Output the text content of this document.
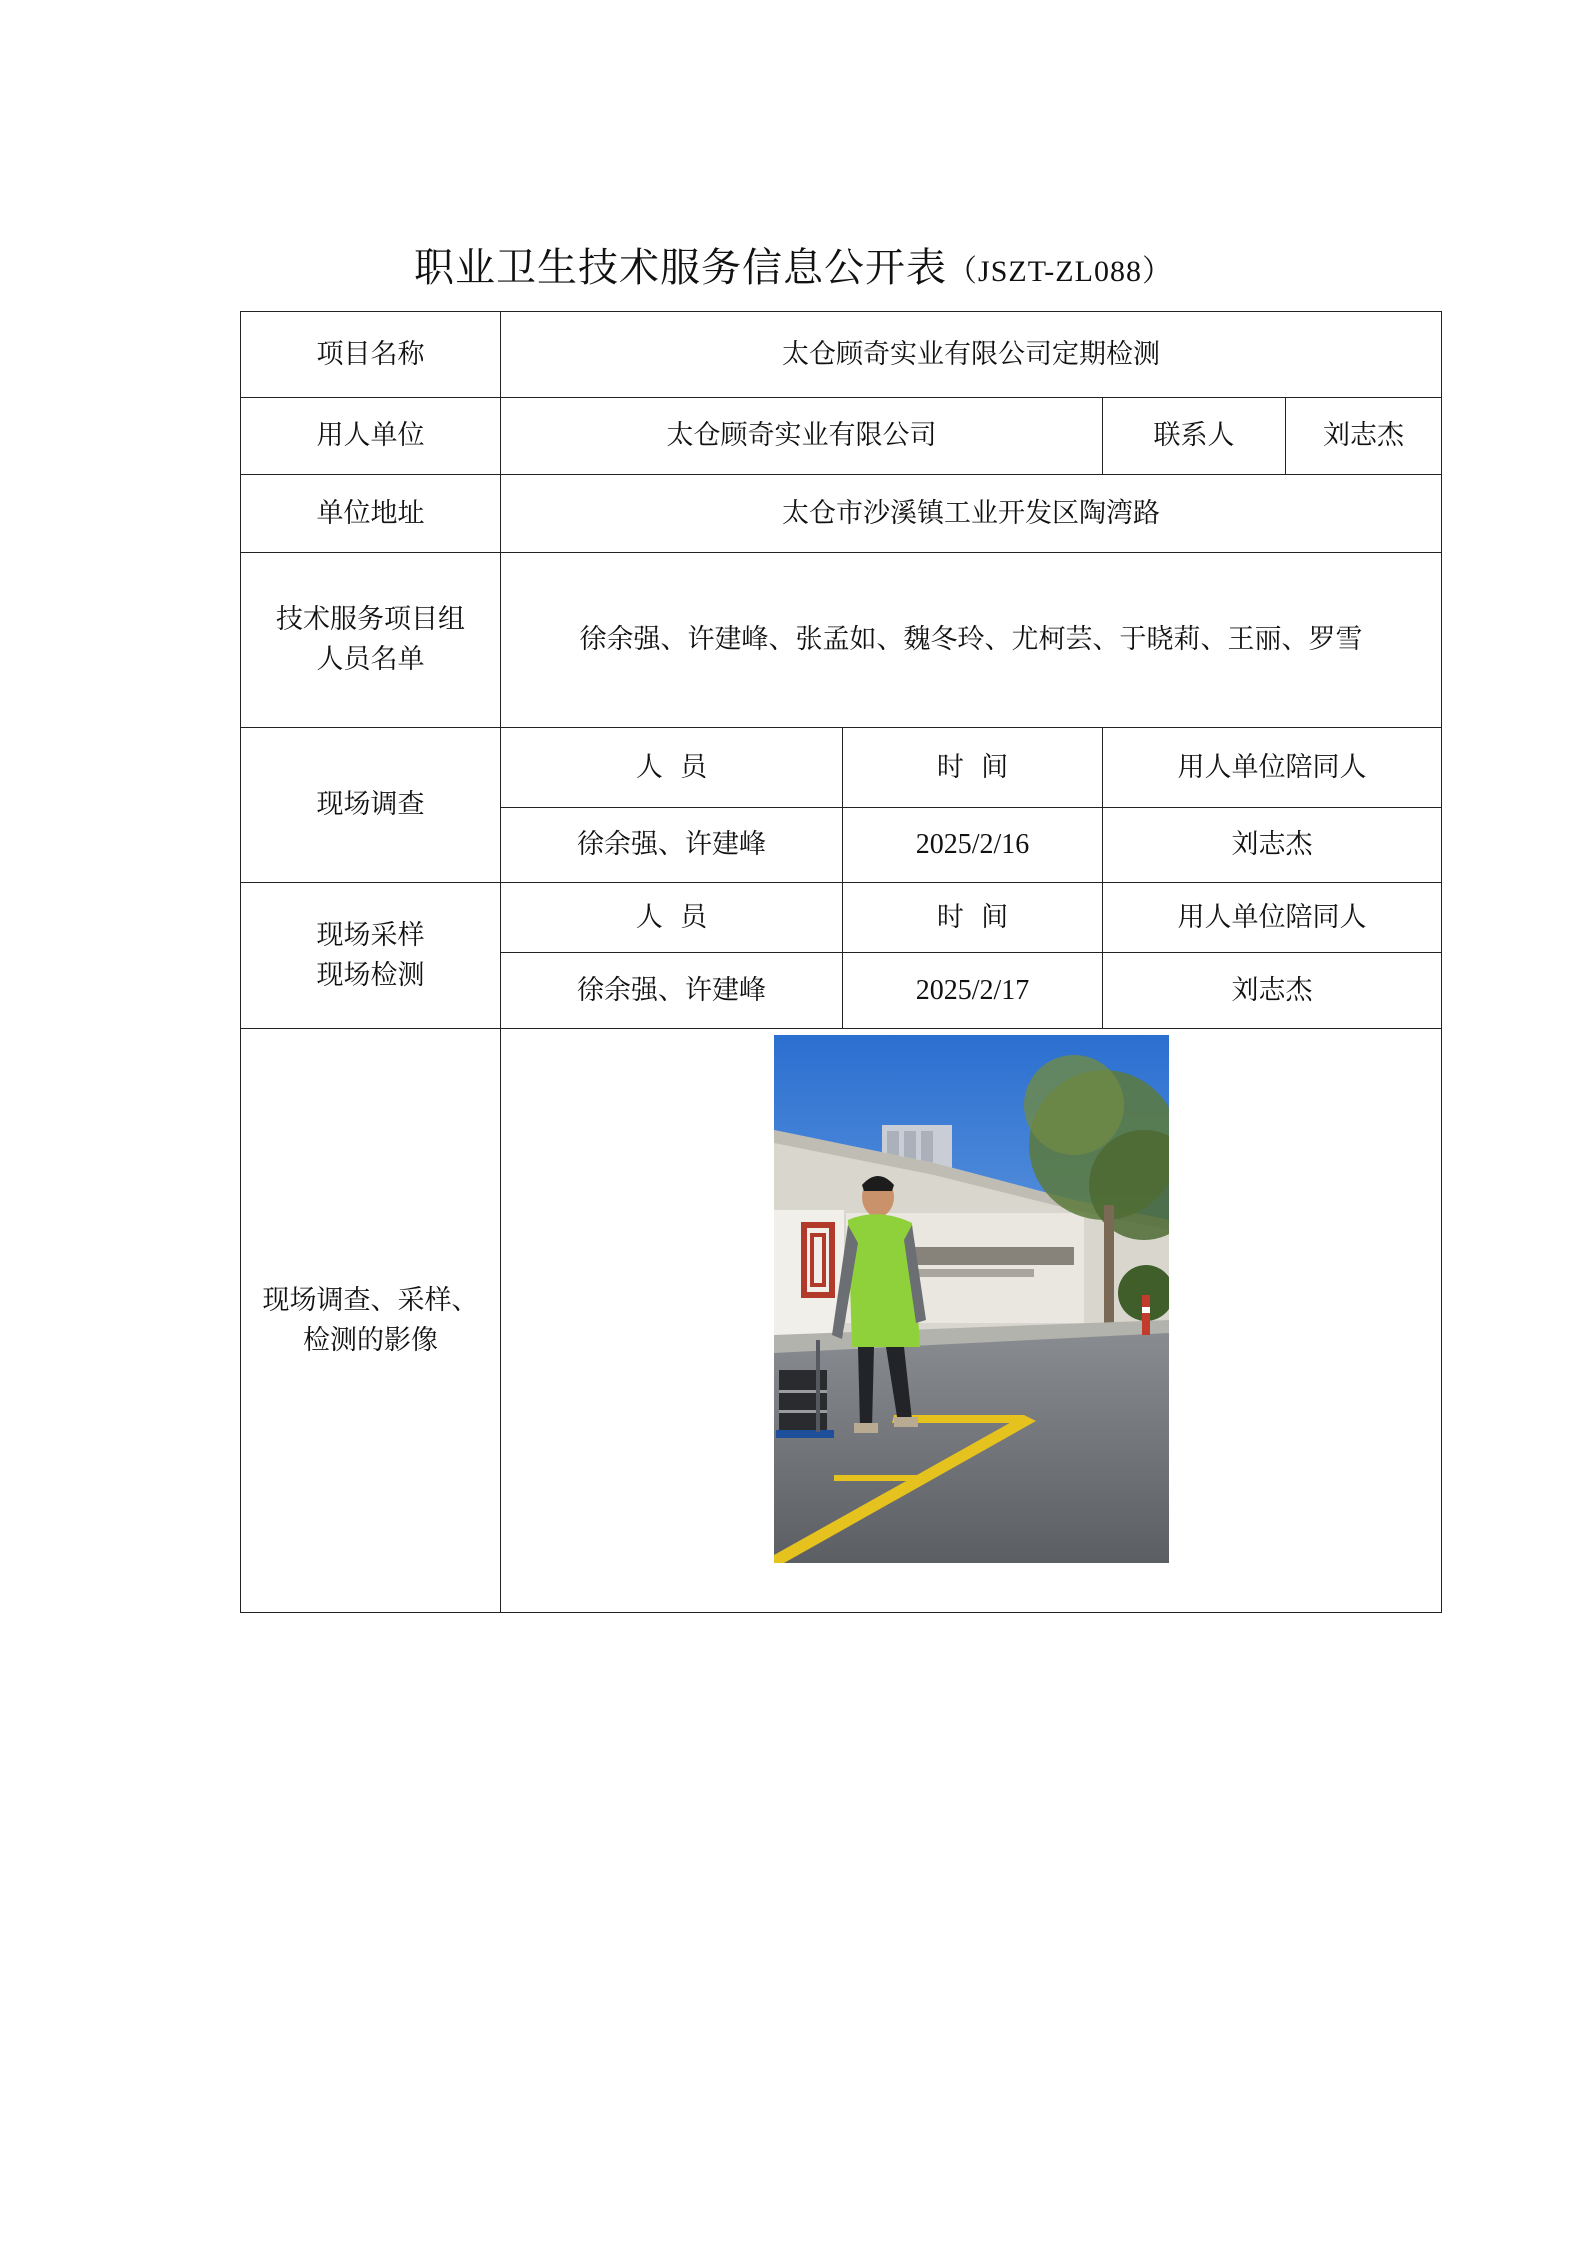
职业卫生技术服务信息公开表（JSZT-ZL088）
项目名称	太仓顾奇实业有限公司定期检测			
用人单位	太仓顾奇实业有限公司		联系人	刘志杰
单位地址	太仓市沙溪镇工业开发区陶湾路			

技术服务项目组
人员名单	徐余强、许建峰、张孟如、魏冬玲、尤柯芸、于晓莉、王丽、罗雪			
现场调查	人  员	时  间	用人单位陪同人	
	徐余强、许建峰	2025/2/16	刘志杰	

现场采样
现场检测	人  员	时  间	用人单位陪同人	
	徐余强、许建峰	2025/2/17	刘志杰	

现场调查、采样、
检测的影像
